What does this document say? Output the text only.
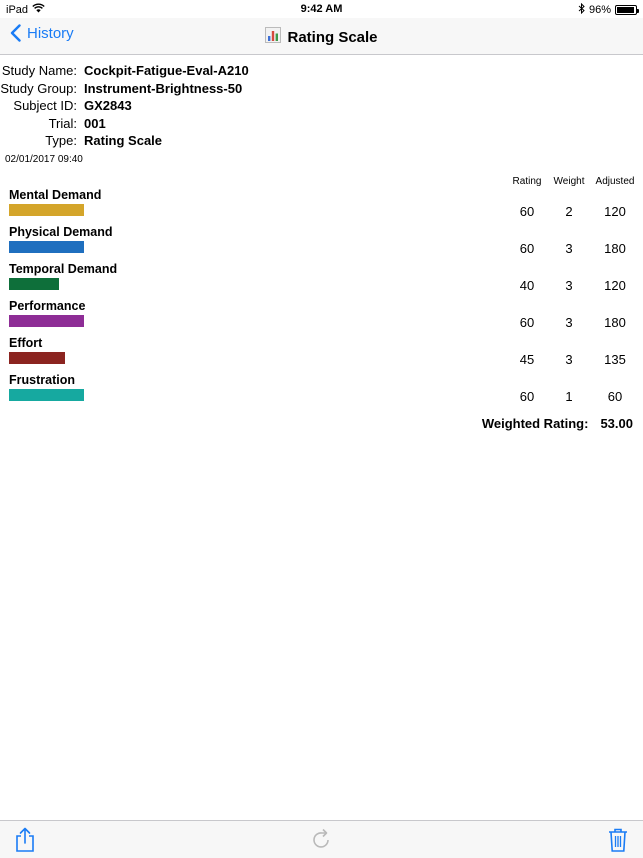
iPad	9:42 AM	96%
History	Rating Scale
Study Name: Cockpit-Fatigue-Eval-A210
Study Group: Instrument-Brightness-50
Subject ID: GX2843
Trial: 001
Type: Rating Scale
02/01/2017 09:40
Rating Weight Adjusted
Mental Demand
60 2 120
Physical Demand
60 3 180
Temporal Demand
40 3 120
Performance
60 3 180
Effort
45 3 135
Frustration
60 1	60
Weighted Rating: 53.00
